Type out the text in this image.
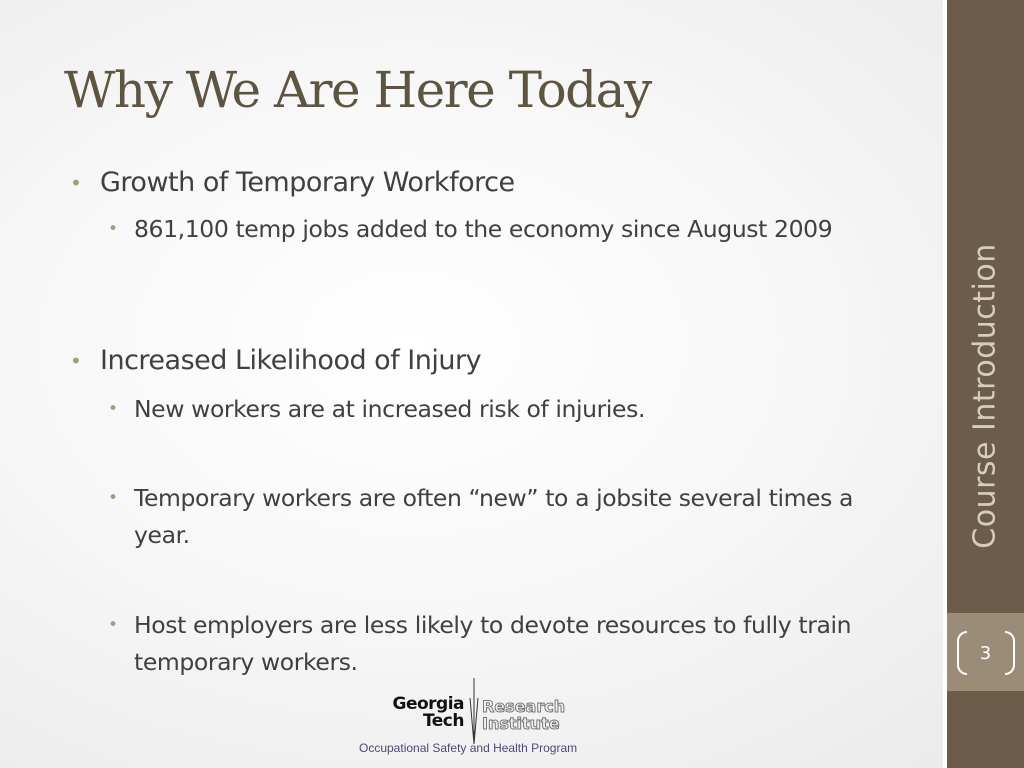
3
Course Introduction
Why We Are Here Today
• Growth of Temporary Workforce
• 861,100 temp jobs added to the economy since August 2009
• Increased Likelihood of Injury
• New workers are at increased risk of injuries.
• Temporary workers are often “new” to a jobsite several times a year.
• Host employers are less likely to devote resources to fully train temporary workers.
Georgia
Tech
Research
Institute
Occupational Safety and Health Program
